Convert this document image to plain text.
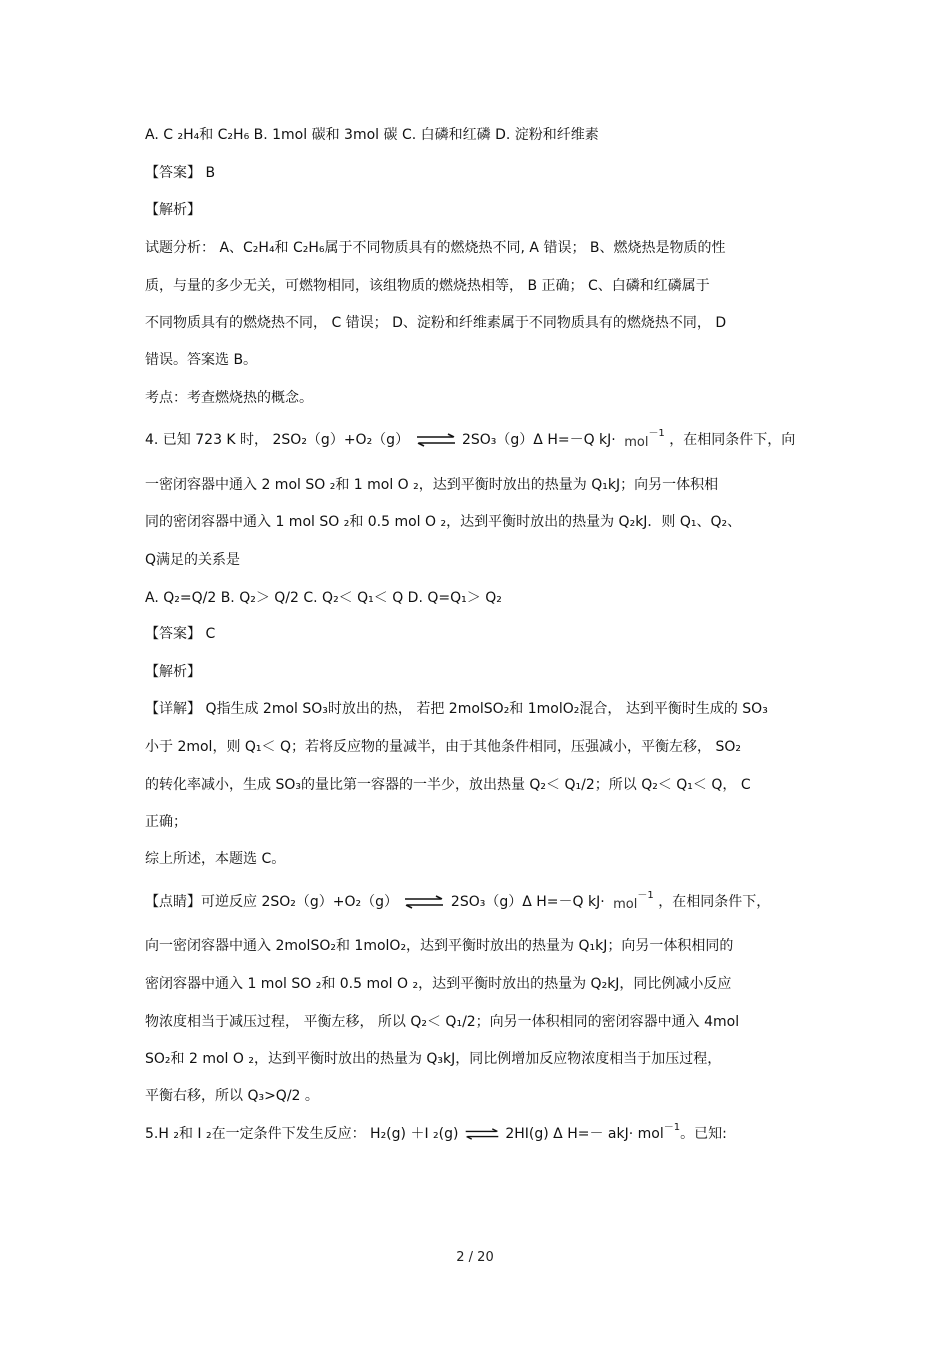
A. C ₂H₄和 C₂H₆ B. 1mol 碳和 3mol 碳 C. 白磷和红磷 D. 淀粉和纤维素
【答案】 B
【解析】
试题分析： A、C₂H₄和 C₂H₆属于不同物质具有的燃烧热不同, A 错误； B、燃烧热是物质的性
质，与量的多少无关，可燃物相同，该组物质的燃烧热相等， B 正确； C、白磷和红磷属于
不同物质具有的燃烧热不同， C 错误； D、淀粉和纤维素属于不同物质具有的燃烧热不同， D
错误。答案选 B。
考点：考查燃烧热的概念。
4. 已知 723 K 时， 2SO₂（g）+O₂（g） ⇌ 2SO₃（g）Δ H=－Q kJ· mol$^{-1}$ ，在相同条件下，向
一密闭容器中通入 2 mol SO ₂和 1 mol O ₂，达到平衡时放出的热量为 Q₁kJ；向另一体积相
同的密闭容器中通入 1 mol SO ₂和 0.5 mol O ₂，达到平衡时放出的热量为 Q₂kJ．则 Q₁、Q₂、
Q满足的关系是
A. Q₂=Q/2 B. Q₂＞ Q/2 C. Q₂＜ Q₁＜ Q D. Q=Q₁＞ Q₂
【答案】 C
【解析】
【详解】 Q指生成 2mol SO₃时放出的热， 若把 2molSO₂和 1molO₂混合， 达到平衡时生成的 SO₃
小于 2mol，则 Q₁＜ Q；若将反应物的量减半，由于其他条件相同，压强减小，平衡左移， SO₂
的转化率减小，生成 SO₃的量比第一容器的一半少，放出热量 Q₂＜ Q₁/2；所以 Q₂＜ Q₁＜ Q， C
正确；
综上所述，本题选 C。
【点睛】可逆反应 2SO₂（g）+O₂（g） ⇌ 2SO₃（g）Δ H=－Q kJ· mol$^{-1}$ ，在相同条件下，
向一密闭容器中通入 2molSO₂和 1molO₂，达到平衡时放出的热量为 Q₁kJ；向另一体积相同的
密闭容器中通入 1 mol SO ₂和 0.5 mol O ₂，达到平衡时放出的热量为 Q₂kJ，同比例减小反应
物浓度相当于减压过程， 平衡左移， 所以 Q₂＜ Q₁/2；向另一体积相同的密闭容器中通入 4mol
SO₂和 2 mol O ₂，达到平衡时放出的热量为 Q₃kJ，同比例增加反应物浓度相当于加压过程，
平衡右移，所以 Q₃>Q/2 。
5.H ₂和 I ₂在一定条件下发生反应： H₂(g) ＋I ₂(g) ⇌ 2HI(g) Δ H=－ akJ· mol$^{-1}$。已知:
2 / 20
